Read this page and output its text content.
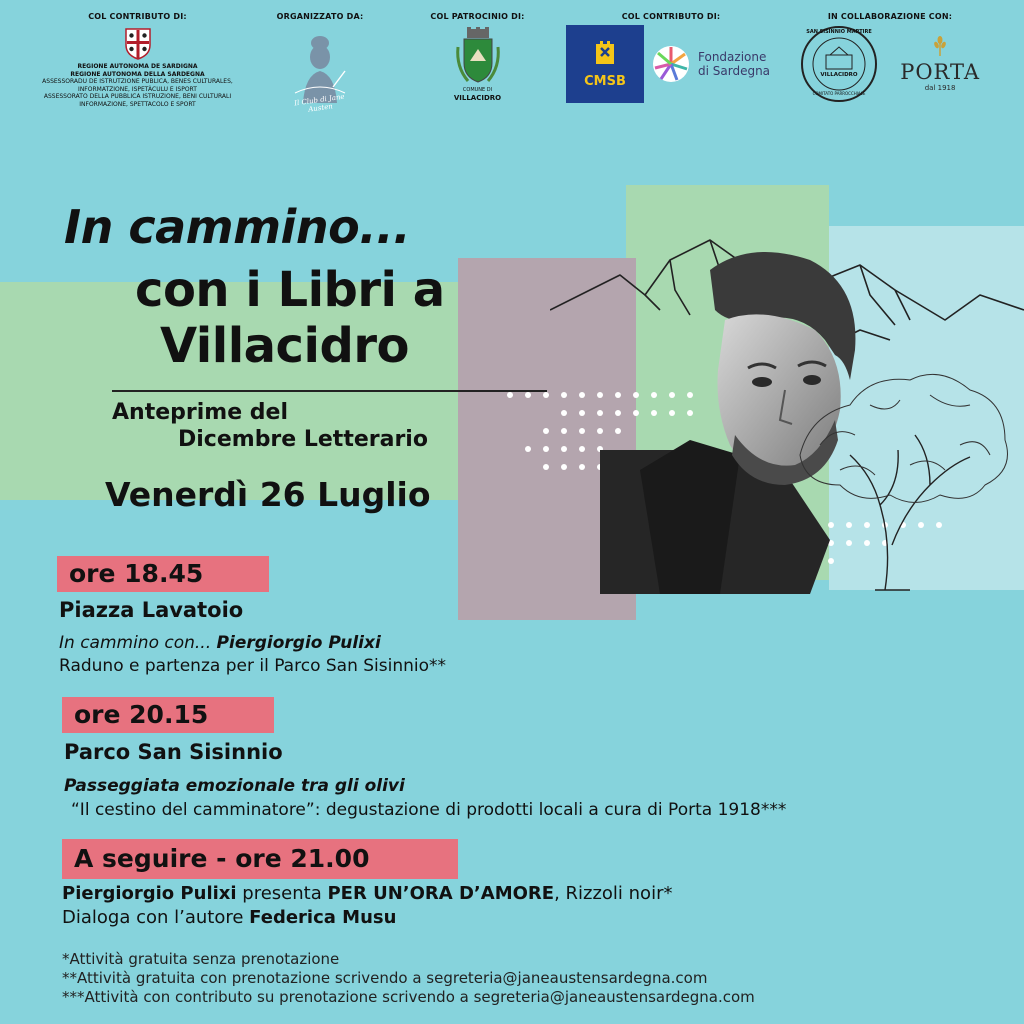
COL CONTRIBUTO DI:
REGIONE AUTONOMA DE SARDIGNA
REGIONE AUTONOMA DELLA SARDEGNA
ASSESSORADU DE ISTRUTZIONE PUBLICA, BENES CULTURALES,
INFORMATZIONE, ISPETÀCULU E ISPORT
ASSESSORATO DELLA PUBBLICA ISTRUZIONE, BENI CULTURALI
INFORMAZIONE, SPETTACOLO E SPORT
ORGANIZZATO DA:
Il Club di Jane Austen
COL PATROCINIO DI:
COMUNE DI
VILLACIDRO
COL CONTRIBUTO DI:
CMSB
Fondazione
di Sardegna
IN COLLABORAZIONE CON:
SAN SISINNIO MARTIRE
VILLACIDRO
COMITATO PARROCCHIALE
PORTA
dal 1918
In cammino...
con i Libri a
Villacidro
Anteprime del
Dicembre Letterario
Venerdì 26 Luglio
ore 18.45
Piazza Lavatoio
In cammino con... Piergiorgio Pulixi
Raduno e partenza per il Parco San Sisinnio**
ore 20.15
Parco San Sisinnio
Passeggiata emozionale tra gli olivi
“Il cestino del camminatore”: degustazione di prodotti locali a cura di Porta 1918***
A seguire - ore 21.00
Piergiorgio Pulixi presenta PER UN’ORA D’AMORE, Rizzoli noir*
Dialoga con l’autore Federica Musu
*Attività gratuita senza prenotazione
**Attività gratuita con prenotazione scrivendo a segreteria@janeaustensardegna.com
***Attività con contributo su prenotazione scrivendo a segreteria@janeaustensardegna.com
